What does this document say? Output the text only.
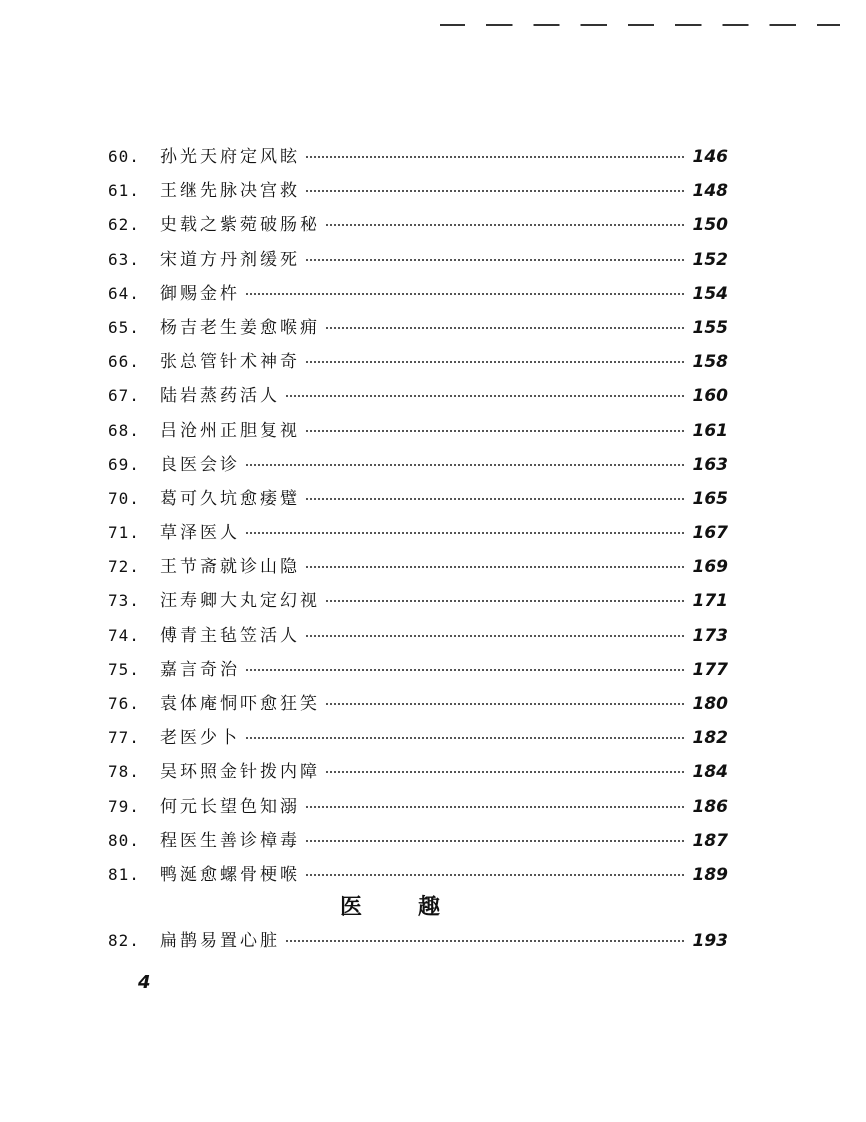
60.	孙光天府定风眩	146
61.	王继先脉决宫救	148
62.	史载之紫菀破肠秘	150
63.	宋道方丹剂缓死	152
64.	御赐金杵	154
65.	杨吉老生姜愈喉痈	155
66.	张总管针术神奇	158
67.	陆岩蒸药活人	160
68.	吕沧州正胆复视	161
69.	良医会诊	163
70.	葛可久坑愈痿躄	165
71.	草泽医人	167
72.	王节斋就诊山隐	169
73.	汪寿卿大丸定幻视	171
74.	傅青主毡笠活人	173
75.	嘉言奇治	177
76.	袁体庵恫吓愈狂笑	180
77.	老医少卜	182
78.	吴环照金针拨内障	184
79.	何元长望色知溺	186
80.	程医生善诊樟毒	187
81.	鸭涎愈螺骨梗喉	189
医趣
82.	扁鹊易置心脏	193
4
